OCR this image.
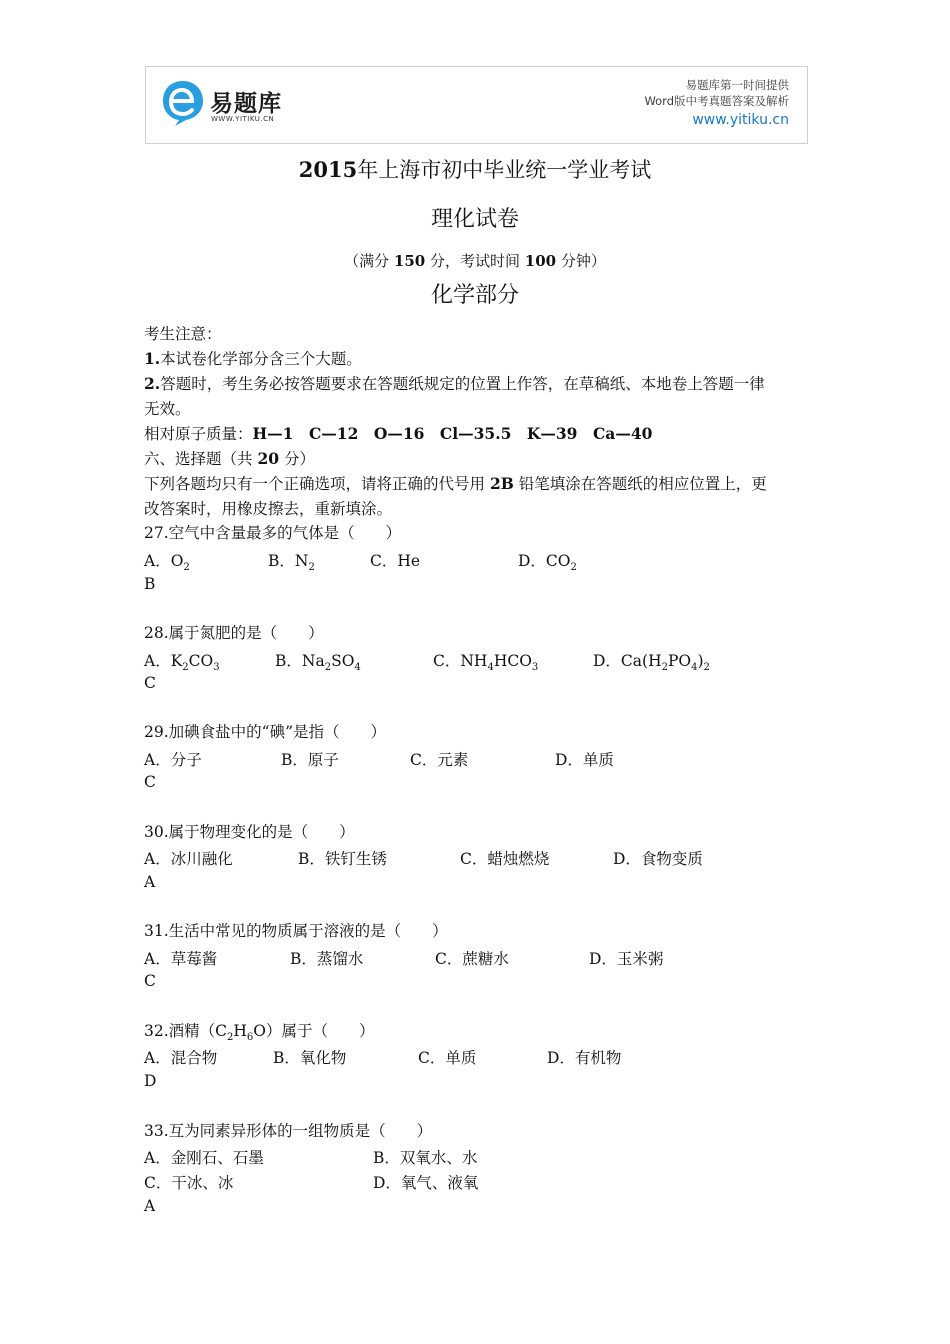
易题库
WWW.YITIKU.CN
易题库第一时间提供
Word版中考真题答案及解析
www.yitiku.cn
2015年上海市初中毕业统一学业考试
理化试卷
（满分 150 分，考试时间 100 分钟）
化学部分
考生注意：
1.本试卷化学部分含三个大题。
2.答题时，考生务必按答题要求在答题纸规定的位置上作答，在草稿纸、本地卷上答题一律
无效。
相对原子质量：H—1　C—12　O—16　Cl—35.5　K—39　Ca—40
六、选择题（共 20 分）
下列各题均只有一个正确选项，请将正确的代号用 2B 铅笔填涂在答题纸的相应位置上，更
改答案时，用橡皮擦去，重新填涂。
27.空气中含量最多的气体是（　　）
A．$O_2$	B．$N_2$	C．He	D．$CO_2$
B
28.属于氮肥的是（　　）
A．$K_2CO_3$	B．$Na_2SO_4$	C．$NH_4HCO_3$	D．$Ca(H_2PO_4)_2$
C
29.加碘食盐中的“碘”是指（　　）
A．分子	B．原子	C．元素	D．单质
C
30.属于物理变化的是（　　）
A．冰川融化	B．铁钉生锈	C．蜡烛燃烧	D．食物变质
A
31.生活中常见的物质属于溶液的是（　　）
A．草莓酱	B．蒸馏水	C．蔗糖水	D．玉米粥
C
32.酒精$(C_2H_6O)$属于（　　）
A．混合物	B．氧化物	C．单质	D．有机物
D
33.互为同素异形体的一组物质是（　　）
A．金刚石、石墨	B．双氧水、水
C．干冰、冰	D．氧气、液氧
A
